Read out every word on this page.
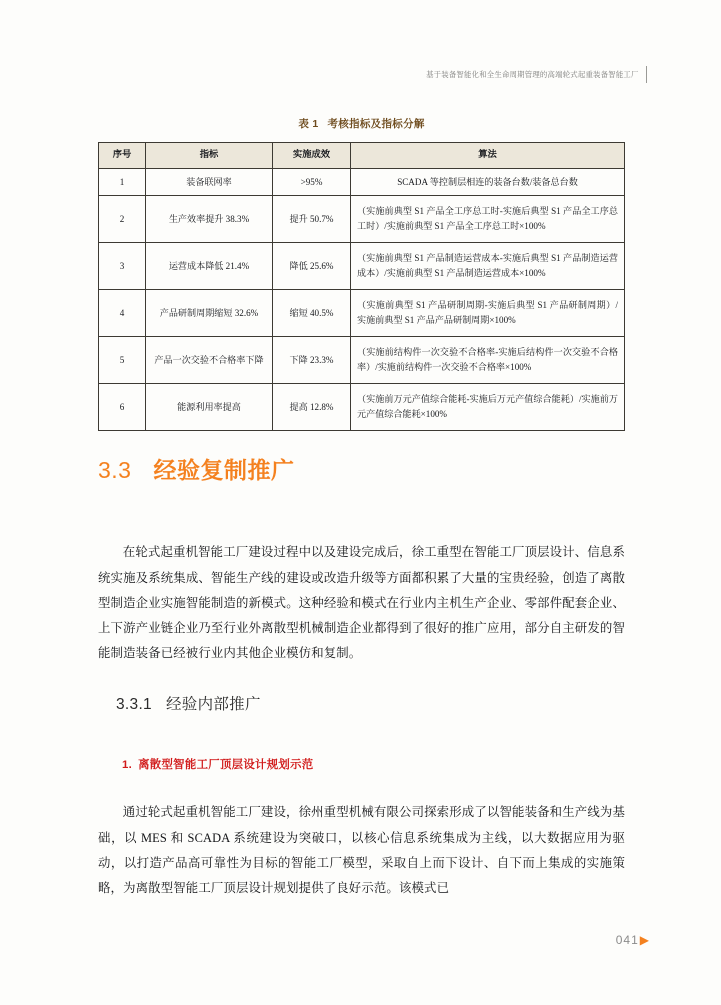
基于装备智能化和全生命周期管理的高端轮式起重装备智能工厂
表 1 考核指标及指标分解
序号	指标	实施成效	算法
1	装备联网率	>95%	SCADA 等控制层相连的装备台数/装备总台数
2	生产效率提升 38.3%	提升 50.7%	（实施前典型 S1 产品全工序总工时-实施后典型 S1 产品全工序总工时）/实施前典型 S1 产品全工序总工时×100%
3	运营成本降低 21.4%	降低 25.6%	（实施前典型 S1 产品制造运营成本-实施后典型 S1 产品制造运营成本）/实施前典型 S1 产品制造运营成本×100%
4	产品研制周期缩短 32.6%	缩短 40.5%	（实施前典型 S1 产品研制周期-实施后典型 S1 产品研制周期）/实施前典型 S1 产品产品研制周期×100%
5	产品一次交验不合格率下降	下降 23.3%	（实施前结构件一次交验不合格率-实施后结构件一次交验不合格率）/实施前结构件一次交验不合格率×100%
6	能源利用率提高	提高 12.8%	（实施前万元产值综合能耗-实施后万元产值综合能耗）/实施前万元产值综合能耗×100%
3.3 经验复制推广

在轮式起重机智能工厂建设过程中以及建设完成后，徐工重型在智能工厂顶层设计、信息系统实施及系统集成、智能生产线的建设或改造升级等方面都积累了大量的宝贵经验，创造了离散型制造企业实施智能制造的新模式。这种经验和模式在行业内主机生产企业、零部件配套企业、上下游产业链企业乃至行业外离散型机械制造企业都得到了很好的推广应用，部分自主研发的智能制造装备已经被行业内其他企业模仿和复制。

3.3.1 经验内部推广
1. 离散型智能工厂顶层设计规划示范

通过轮式起重机智能工厂建设，徐州重型机械有限公司探索形成了以智能装备和生产线为基础，以 MES 和 SCADA 系统建设为突破口，以核心信息系统集成为主线，以大数据应用为驱动，以打造产品高可靠性为目标的智能工厂模型，采取自上而下设计、自下而上集成的实施策略，为离散型智能工厂顶层设计规划提供了良好示范。该模式已

041 ▶
